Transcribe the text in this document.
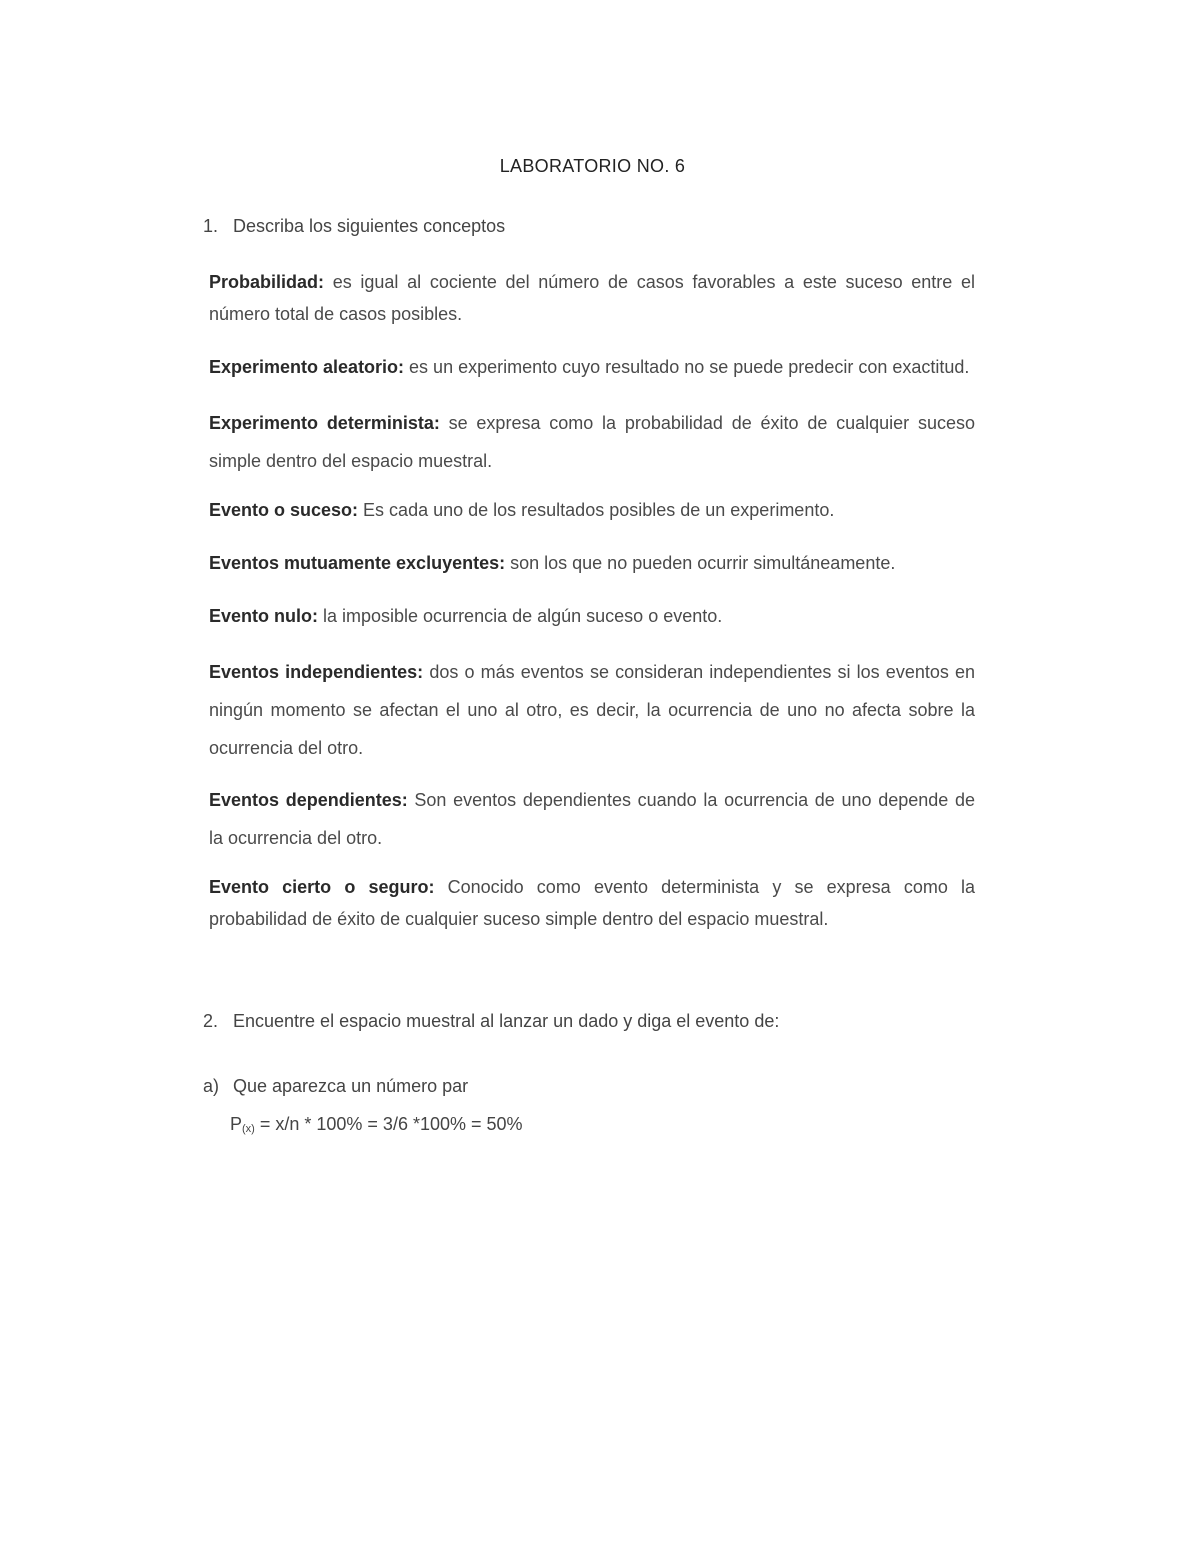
LABORATORIO NO. 6
1. Describa los siguientes conceptos

Probabilidad: es igual al cociente del número de casos favorables a este suceso entre el número total de casos posibles.

Experimento aleatorio: es un experimento cuyo resultado no se puede predecir con exactitud.

Experimento determinista: se expresa como la probabilidad de éxito de cualquier suceso simple dentro del espacio muestral.

Evento o suceso: Es cada uno de los resultados posibles de un experimento.

Eventos mutuamente excluyentes: son los que no pueden ocurrir simultáneamente.

Evento nulo: la imposible ocurrencia de algún suceso o evento.

Eventos independientes: dos o más eventos se consideran independientes si los eventos en ningún momento se afectan el uno al otro, es decir, la ocurrencia de uno no afecta sobre la ocurrencia del otro.

Eventos dependientes: Son eventos dependientes cuando la ocurrencia de uno depende de la ocurrencia del otro.

Evento cierto o seguro: Conocido como evento determinista y se expresa como la probabilidad de éxito de cualquier suceso simple dentro del espacio muestral.

2. Encuentre el espacio muestral al lanzar un dado y diga el evento de:
a) Que aparezca un número par
$P_{(x)} = x/n * 100\% = 3/6$ *100% = 50%
